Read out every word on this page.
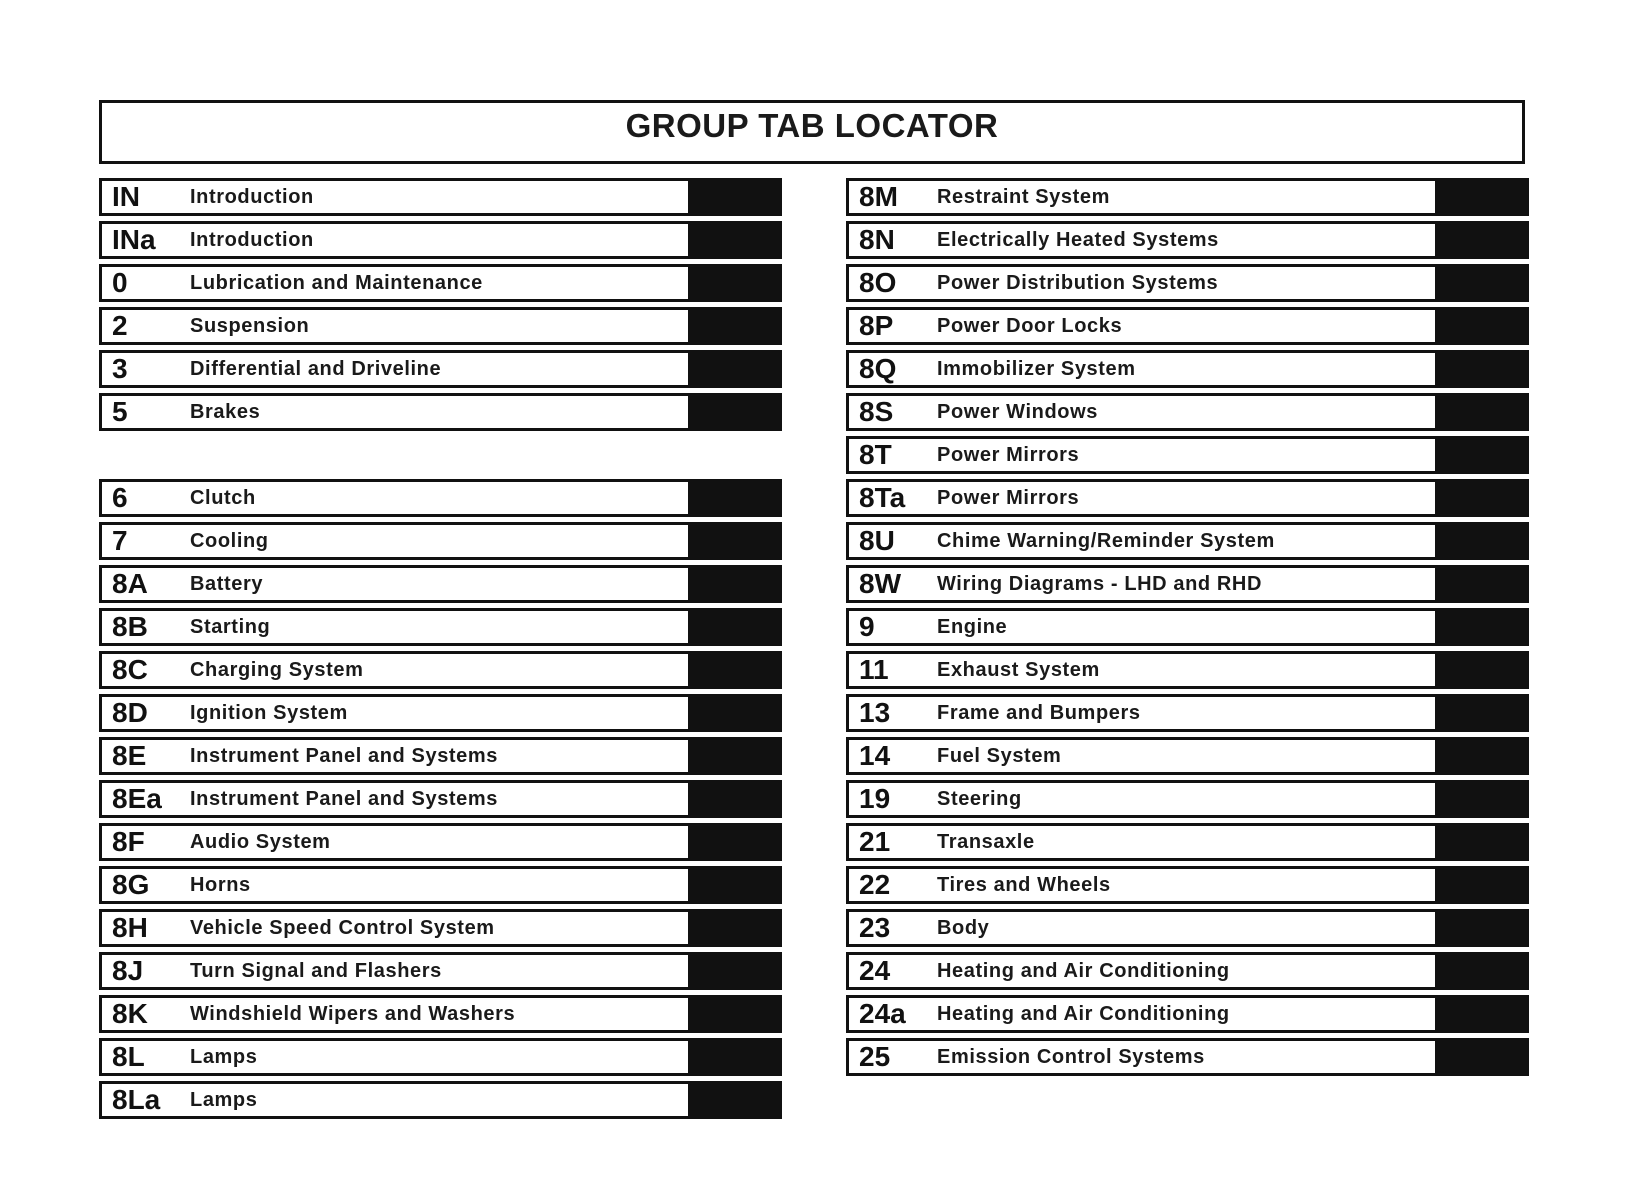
GROUP TAB LOCATOR
IN	Introduction
INa	Introduction
0	Lubrication and Maintenance
2	Suspension
3	Differential and Driveline
5	Brakes
6	Clutch
7	Cooling
8A	Battery
8B	Starting
8C	Charging System
8D	Ignition System
8E	Instrument Panel and Systems
8Ea	Instrument Panel and Systems
8F	Audio System
8G	Horns
8H	Vehicle Speed Control System
8J	Turn Signal and Flashers
8K	Windshield Wipers and Washers
8L	Lamps
8La	Lamps
8M	Restraint System
8N	Electrically Heated Systems
8O	Power Distribution Systems
8P	Power Door Locks
8Q	Immobilizer System
8S	Power Windows
8T	Power Mirrors
8Ta	Power Mirrors
8U	Chime Warning/Reminder System
8W	Wiring Diagrams - LHD and RHD
9	Engine
11	Exhaust System
13	Frame and Bumpers
14	Fuel System
19	Steering
21	Transaxle
22	Tires and Wheels
23	Body
24	Heating and Air Conditioning
24a	Heating and Air Conditioning
25	Emission Control Systems
